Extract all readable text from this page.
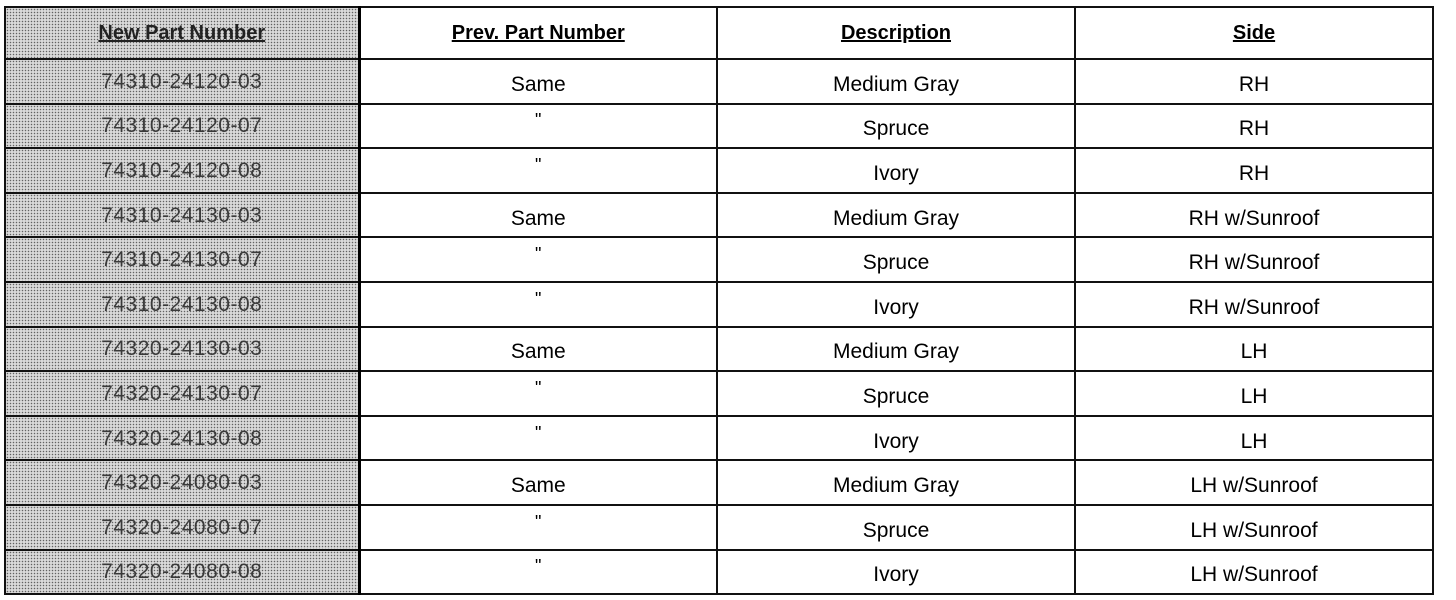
New Part Number	Prev. Part Number	Description	Side
74310-24120-03	Same	Medium Gray	RH
74310-24120-07	"	Spruce	RH
74310-24120-08	"	Ivory	RH
74310-24130-03	Same	Medium Gray	RH w/Sunroof
74310-24130-07	"	Spruce	RH w/Sunroof
74310-24130-08	"	Ivory	RH w/Sunroof
74320-24130-03	Same	Medium Gray	LH
74320-24130-07	"	Spruce	LH
74320-24130-08	"	Ivory	LH
74320-24080-03	Same	Medium Gray	LH w/Sunroof
74320-24080-07	"	Spruce	LH w/Sunroof
74320-24080-08	"	Ivory	LH w/Sunroof
